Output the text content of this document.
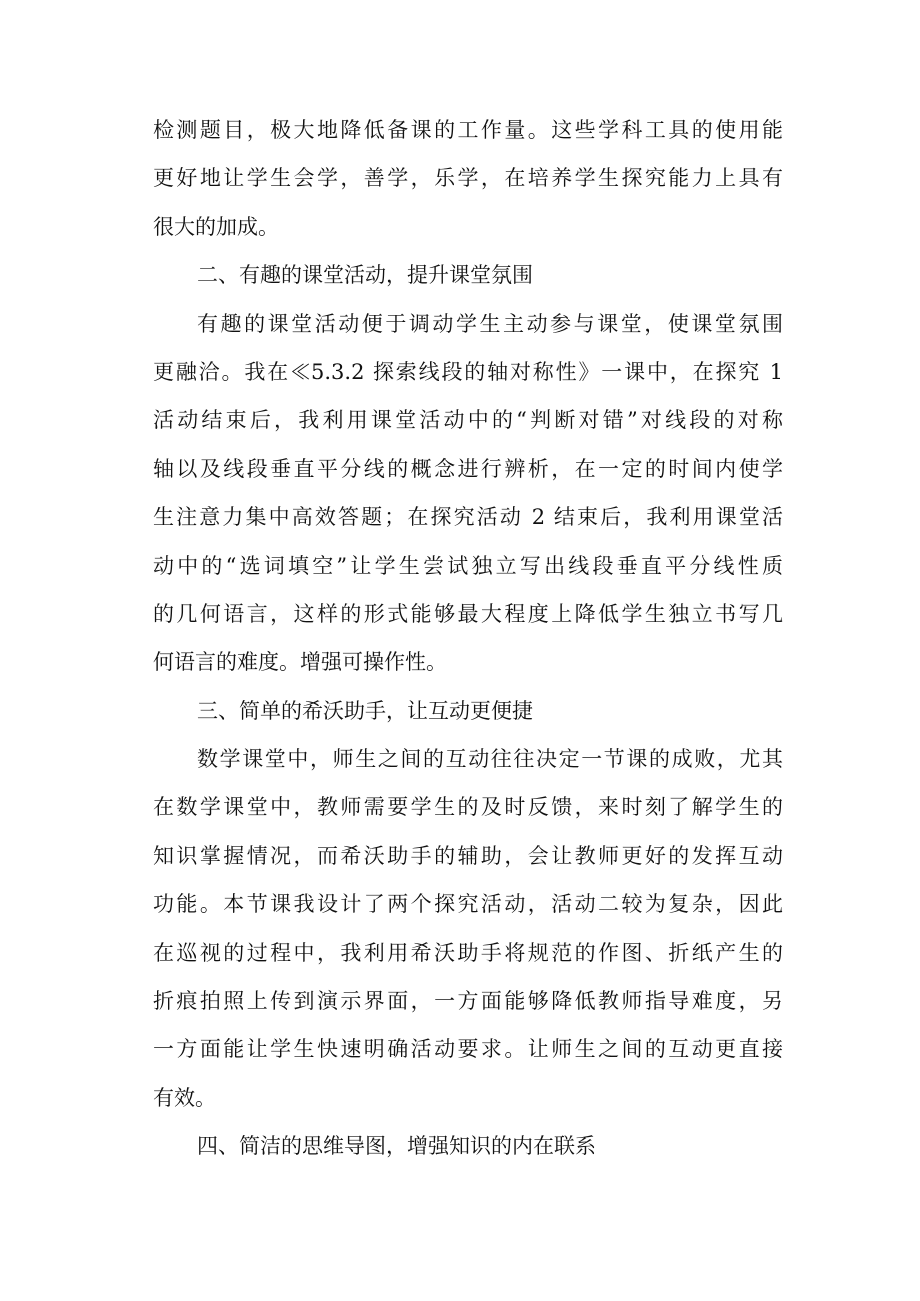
检测题目，极大地降低备课的工作量。这些学科工具的使用能
更好地让学生会学，善学，乐学，在培养学生探究能力上具有
很大的加成。
二、有趣的课堂活动，提升课堂氛围
有趣的课堂活动便于调动学生主动参与课堂，使课堂氛围
更融洽。我在≪5.3.2 探索线段的轴对称性》一课中，在探究 1
活动结束后，我利用课堂活动中的“判断对错”对线段的对称
轴以及线段垂直平分线的概念进行辨析，在一定的时间内使学
生注意力集中高效答题；在探究活动 2 结束后，我利用课堂活
动中的“选词填空”让学生尝试独立写出线段垂直平分线性质
的几何语言，这样的形式能够最大程度上降低学生独立书写几
何语言的难度。增强可操作性。
三、简单的希沃助手，让互动更便捷
数学课堂中，师生之间的互动往往决定一节课的成败，尤其
在数学课堂中，教师需要学生的及时反馈，来时刻了解学生的
知识掌握情况，而希沃助手的辅助，会让教师更好的发挥互动
功能。本节课我设计了两个探究活动，活动二较为复杂，因此
在巡视的过程中，我利用希沃助手将规范的作图、折纸产生的
折痕拍照上传到演示界面，一方面能够降低教师指导难度，另
一方面能让学生快速明确活动要求。让师生之间的互动更直接
有效。
四、简洁的思维导图，增强知识的内在联系
